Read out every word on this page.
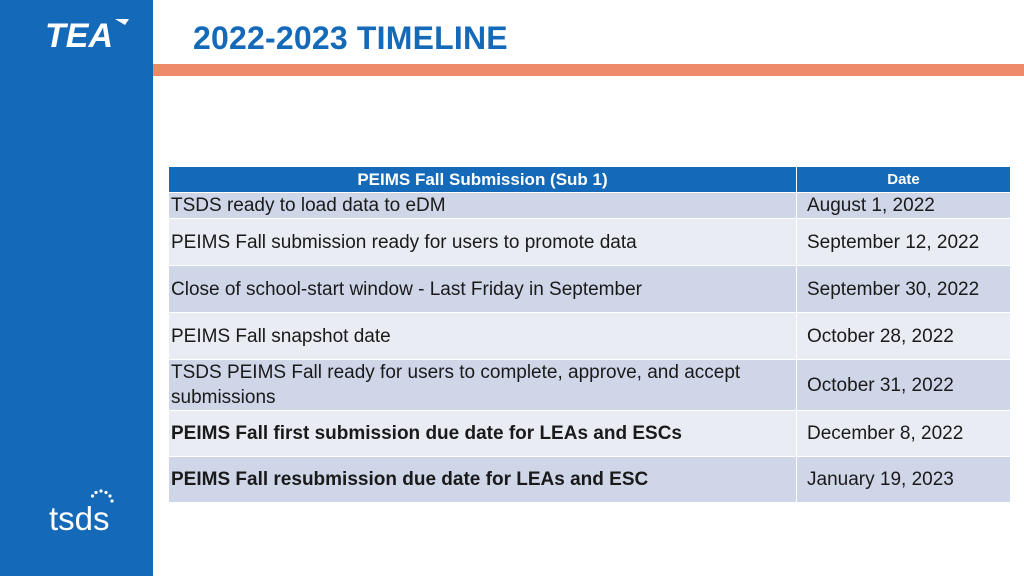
TEA
tsds
2022-2023 TIMELINE
PEIMS Fall Submission (Sub 1)	Date
TSDS ready to load data to eDM	August 1, 2022
PEIMS Fall submission ready for users to promote data	September 12, 2022
Close of school-start window - Last Friday in September	September 30, 2022
PEIMS Fall snapshot date	October 28, 2022
TSDS PEIMS Fall ready for users to complete, approve, and accept submissions	October 31, 2022
PEIMS Fall first submission due date for LEAs and ESCs	December 8, 2022
PEIMS Fall resubmission due date for LEAs and ESC	January 19, 2023
